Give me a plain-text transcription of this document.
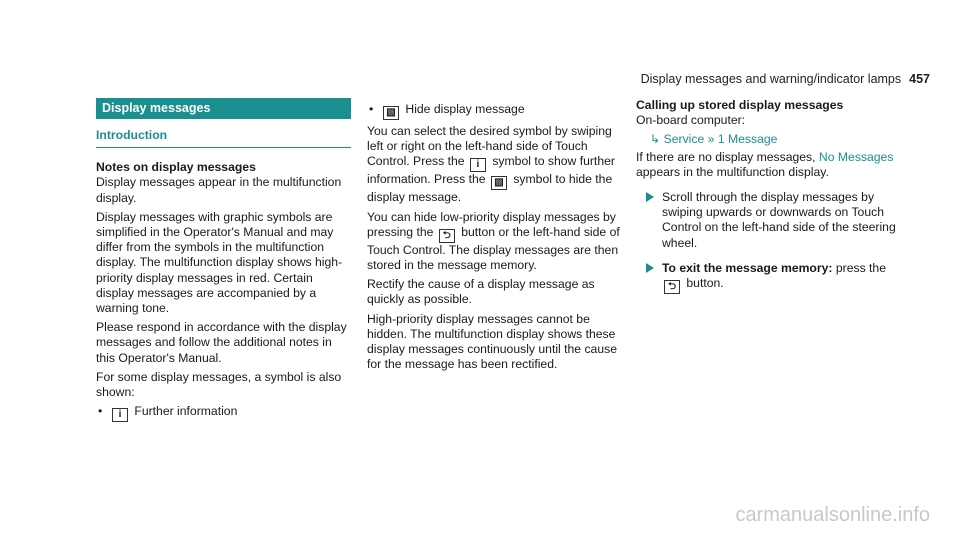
Display messages and warning/indicator lamps 457
Display messages
Introduction
Notes on display messages

Display messages appear in the multifunction display.

Display messages with graphic symbols are simplified in the Operator's Manual and may differ from the symbols in the multifunction display. The multifunction display shows high-priority display messages in red. Certain display messages are accompanied by a warning tone.

Please respond in accordance with the display messages and follow the additional notes in this Operator's Manual.

For some display messages, a symbol is also shown:

• i Further information
• ▧ Hide display message

You can select the desired symbol by swiping left or right on the left-hand side of Touch Control. Press the i symbol to show further information. Press the ▧ symbol to hide the display message.

You can hide low-priority display messages by pressing the ⮌ button or the left-hand side of Touch Control. The display messages are then stored in the message memory.

Rectify the cause of a display message as quickly as possible.

High-priority display messages cannot be hidden. The multifunction display shows these display messages continuously until the cause for the message has been rectified.

Calling up stored display messages

On-board computer:

↳ Service » 1 Message

If there are no display messages, No Messages appears in the multifunction display.

Scroll through the display messages by swiping upwards or downwards on Touch Control on the left-hand side of the steering wheel.
To exit the message memory: press the
⮌ button.
carmanualsonline.info
